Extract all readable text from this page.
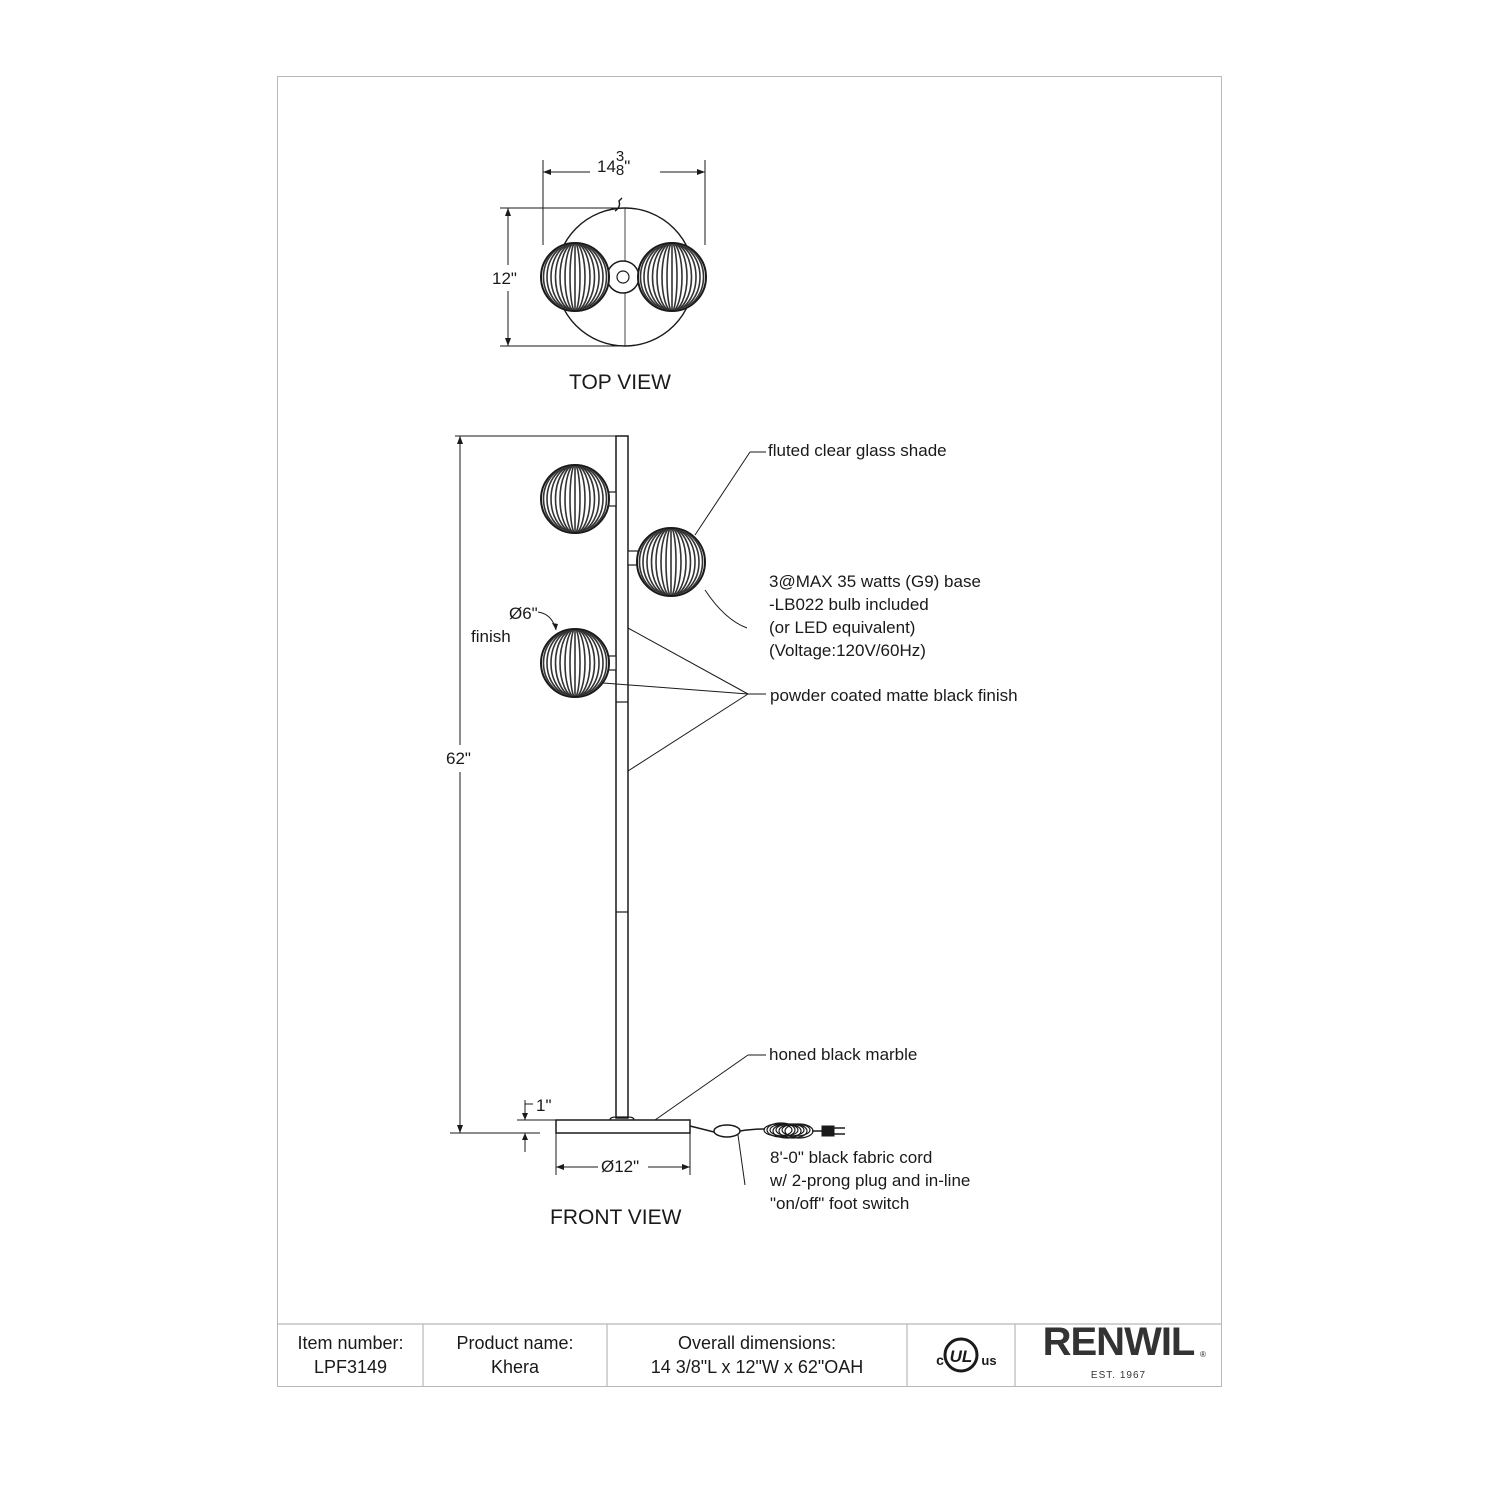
14
3
8 "
12"
TOP VIEW
fluted clear glass shade
3@MAX 35 watts (G9) base
-LB022 bulb included
(or LED equivalent)
(Voltage:120V/60Hz)
powder coated matte black finish
Ø6"
finish
62"
honed black marble
1"
Ø12"	8'-0" black fabric cord
w/ 2-prong plug and in-line
"on/off" foot switch
FRONT VIEW
Item number:
LPF3149
Product name:
Khera
Overall dimensions:
14 3/8"L x 12"W x 62"OAH
UL
c	us RENWIL
EST. 1967
®
